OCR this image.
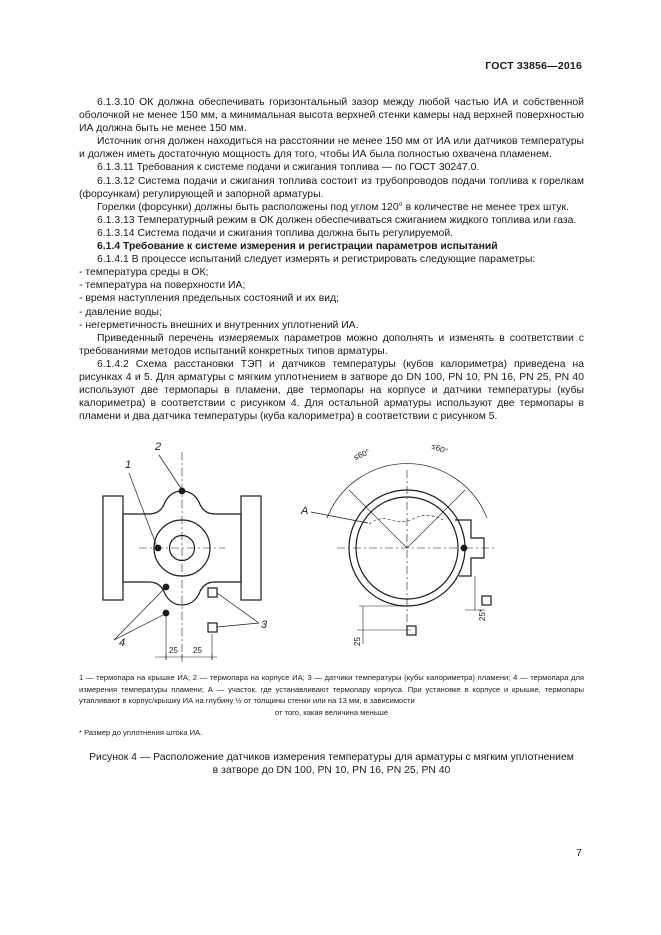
ГОСТ 33856—2016

6.1.3.10 ОК должна обеспечивать горизонтальный зазор между любой частью ИА и собственной оболочкой не менее 150 мм, а минимальная высота верхней стенки камеры над верхней поверхностью ИА должна быть не менее 150 мм.

Источник огня должен находиться на расстоянии не менее 150 мм от ИА или датчиков температуры и должен иметь достаточную мощность для того, чтобы ИА была полностью охвачена пламенем.

6.1.3.11 Требования к системе подачи и сжигания топлива — по ГОСТ 30247.0.

6.1.3.12 Система подачи и сжигания топлива состоит из трубопроводов подачи топлива к горелкам (форсункам) регулирующей и запорной арматуры.

Горелки (форсунки) должны быть расположены под углом 120° в количестве не менее трех штук.

6.1.3.13 Температурный режим в ОК должен обеспечиваться сжиганием жидкого топлива или газа.

6.1.3.14 Система подачи и сжигания топлива должна быть регулируемой.

6.1.4 Требование к системе измерения и регистрации параметров испытаний

6.1.4.1 В процессе испытаний следует измерять и регистрировать следующие параметры:

- температура среды в ОК;

- температура на поверхности ИА;

- время наступления предельных состояний и их вид;

- давление воды;

- негерметичность внешних и внутренних уплотнений ИА.

Приведенный перечень измеряемых параметров можно дополнять и изменять в соответствии с требованиями методов испытаний конкретных типов арматуры.

6.1.4.2 Схема расстановки ТЭП и датчиков температуры (кубов калориметра) приведена на рисунках 4 и 5. Для арматуры с мягким уплотнением в затворе до DN 100, PN 10, PN 16, PN 25, PN 40 используют две термопары в пламени, две термопары на корпусе и датчики температуры (кубы калориметра) в соответствии с рисунком 4. Для остальной арматуры используют две термопары в пламени и два датчика температуры (куба калориметра) в соответствии с рисунком 5.

2
1
4
3
A
25 25
≤60°	≤60°
25
25*
1 — термопара на крышке ИА; 2 — термопара на корпусе ИА; 3 — датчики температуры (кубы калориметра) пламени; 4 — термопара для измерения температуры пламени; А — участок, где устанавливают термопару корпуса. При установке в корпусе и крышке, термопары утапливают в корпус/крышку ИА на глубину ½ от толщины стенки или на 13 мм, в зависимости
от того, какая величина меньше
* Размер до уплотнения штока ИА.
Рисунок 4 — Расположение датчиков измерения температуры для арматуры с мягким уплотнением
в затворе до DN 100, PN 10, PN 16, PN 25, PN 40
7
